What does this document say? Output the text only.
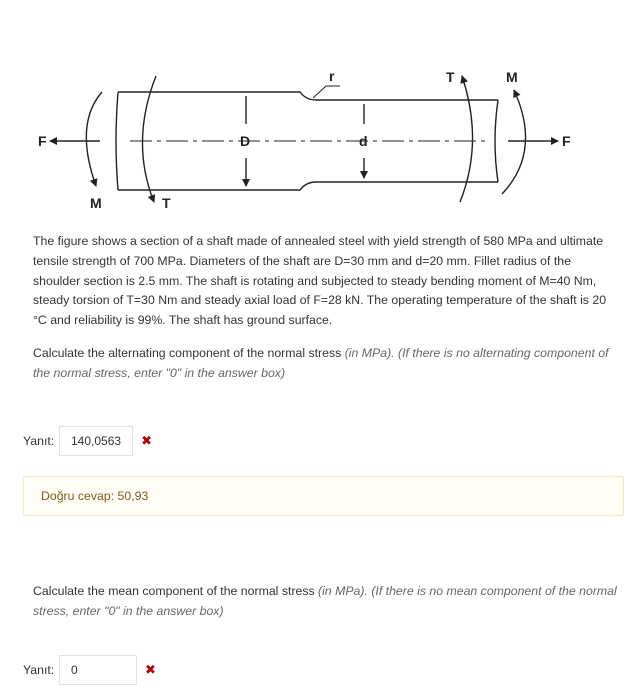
D	d
r
F	F
M
M
T
T
The figure shows a section of a shaft made of annealed steel with yield strength of 580 MPa and ultimate tensile strength of 700 MPa. Diameters of the shaft are D=30 mm and d=20 mm. Fillet radius of the shoulder section is 2.5 mm. The shaft is rotating and subjected to steady bending moment of M=40 Nm, steady torsion of T=30 Nm and steady axial load of F=28 kN. The operating temperature of the shaft is 20 °C and reliability is 99%. The shaft has ground surface.
Calculate the alternating component of the normal stress (in MPa). (If there is no alternating component of the normal stress, enter "0" in the answer box)
Yanıt:	140,0563	✖
Doğru cevap: 50,93
Calculate the mean component of the normal stress (in MPa). (If there is no mean component of the normal stress, enter "0" in the answer box)
Yanıt:	0	✖
